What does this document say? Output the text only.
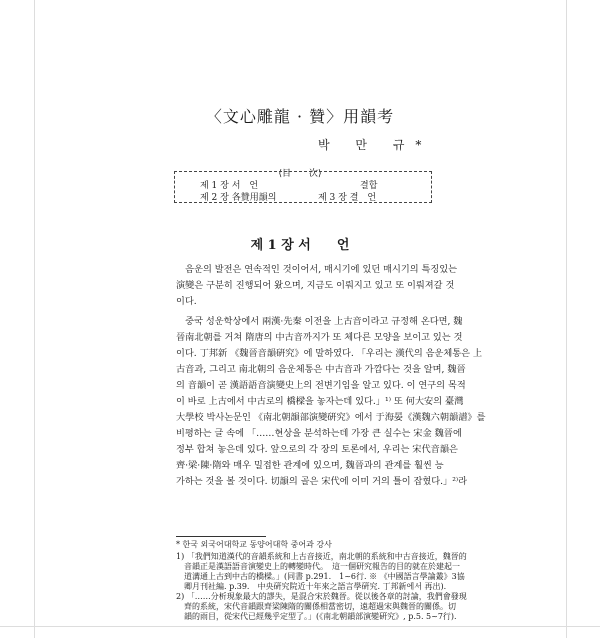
〈文心雕龍 · 贊〉用韻考
박 만 규*
⟨目　　次⟩
제 1 장 서　언	결합
제 2 장 各贊用韻의	제 3 장 결　언
제 1 장 서　　언
　음운의 발전은 연속적인 것이어서, 매시기에 있던 매시기의 특징있는
演變은 구분히 진행되어 왔으며, 지금도 이뤄지고 있고 또 이뤄져갈 것
이다.
　중국 성운학상에서 兩漢·先秦 이전을 上古音이라고 규정해 온다면, 魏
晉南北朝를 거쳐 隋唐의 中古音까지가 또 체다른 모양을 보이고 있는 것
이다. 丁邦新 《魏晉音韻硏究》에 말하였다. 「우리는 漢代의 음운체통은 上
古音과, 그리고 南北朝의 음운체통은 中古音과 가깝다는 것을 알며, 魏晉
의 音韻이 곧 漢語語音演變史上의 전변기임을 알고 있다. 이 연구의 목적
이 바로 上古에서 中古로의 橋樑을 놓자는데 있다.」¹⁾ 또 何大安의 臺灣
大學校 박사논문인 《南北朝韻部演變硏究》에서 于海晏《漢魏六朝韻譜》를
비평하는 글 속에 「……현상을 분석하는데 가장 큰 실수는 宋金 魏晉에
정부 합쳐 놓은데 있다. 앞으로의 각 장의 토론에서, 우리는 宋代音韻은
齊·梁·陳·隋와 매우 밀접한 관계에 있으며, 魏晉과의 관계를 훨씬 능
가하는 것을 볼 것이다. 切韻의 골은 宋代에 이미 거의 틀이 잡혔다.」²⁾라
* 한국 외국어대학교 동양어대학 중어과 강사
1) 「我們知道漢代的音韻系統和上古音接近，南北朝的系統和中古音接近，魏晉的
　音韻正是漢語語音演變史上的轉變時代。　這一個研究報告的目的就在於建起一
　道溝通上古到中古的橋樑。」(同書 p.291.　1~6行. ※ 《中國語言學論叢》3協
　卿月刊社編. p.39.　中央硏究院近十年來之語言學硏究. 丁邦新에서 再出).
2) 「……分析現象最大的謬失，是混合宋於魏晉。從以後各章的討論，我們會發現
　齊的系統，宋代音韻跟齊梁陳隋的關係相當密切，遠超過宋與魏晉的關係。切
　韻的雨目，從宋代已經幾乎定型了。」(《南北朝韻部演變硏究》, p.5. 5~7行).
